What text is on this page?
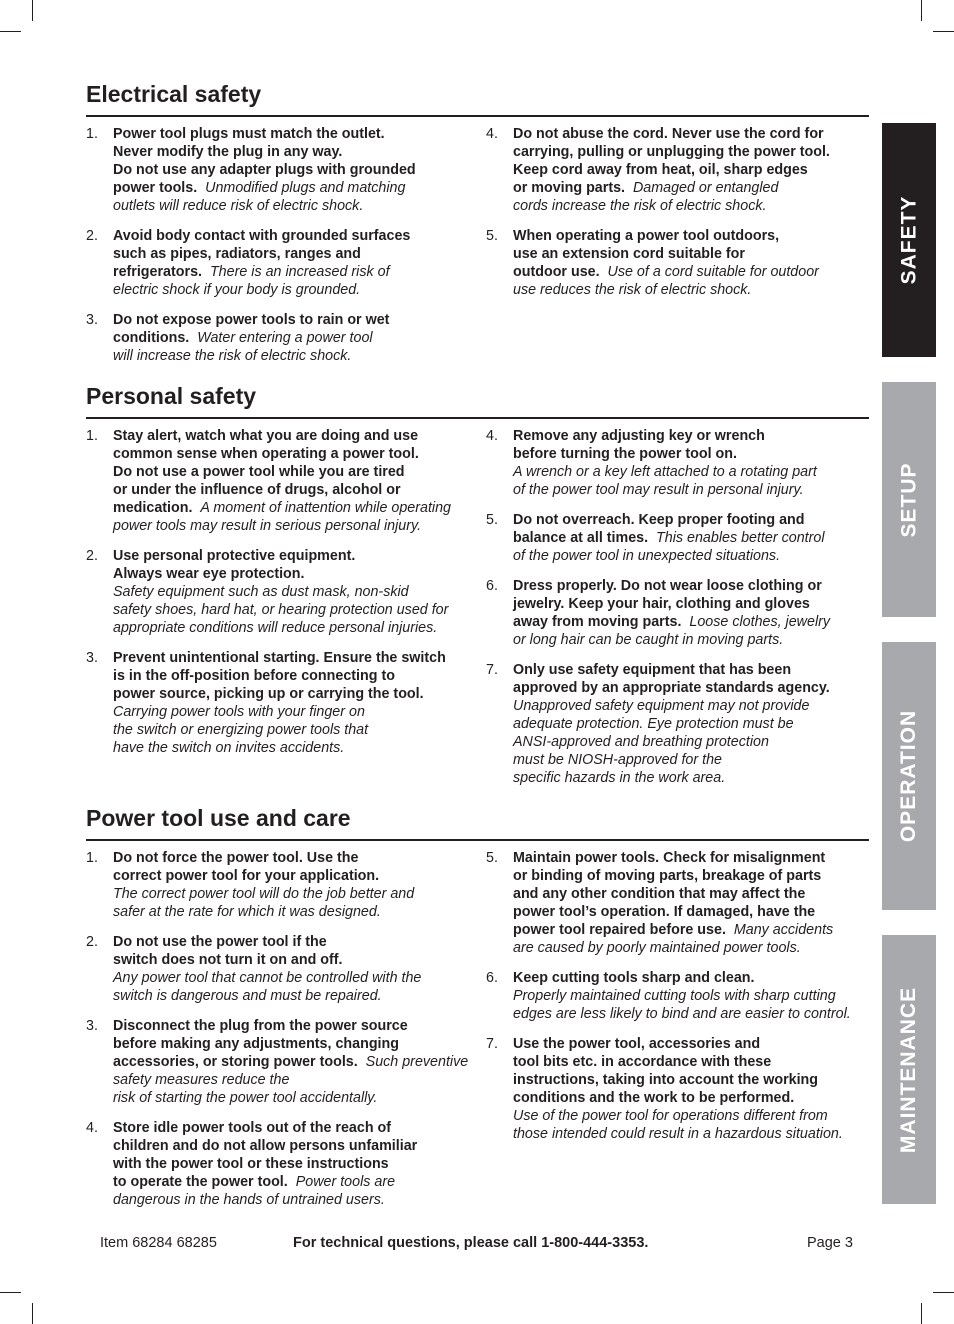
Electrical safety
1. Power tool plugs must match the outlet.
Never modify the plug in any way.
Do not use any adapter plugs with grounded
power tools. Unmodified plugs and matching
outlets will reduce risk of electric shock.
2. Avoid body contact with grounded surfaces
such as pipes, radiators, ranges and
refrigerators. There is an increased risk of
electric shock if your body is grounded.
3. Do not expose power tools to rain or wet
conditions. Water entering a power tool
will increase the risk of electric shock.
4. Do not abuse the cord. Never use the cord for
carrying, pulling or unplugging the power tool.
Keep cord away from heat, oil, sharp edges
or moving parts. Damaged or entangled
cords increase the risk of electric shock.
5. When operating a power tool outdoors,
use an extension cord suitable for
outdoor use. Use of a cord suitable for outdoor
use reduces the risk of electric shock.
Personal safety
1. Stay alert, watch what you are doing and use
common sense when operating a power tool.
Do not use a power tool while you are tired
or under the influence of drugs, alcohol or
medication. A moment of inattention while operating
power tools may result in serious personal injury.
2. Use personal protective equipment.
Always wear eye protection.
Safety equipment such as dust mask, non-skid
safety shoes, hard hat, or hearing protection used for
appropriate conditions will reduce personal injuries.
3. Prevent unintentional starting. Ensure the switch
is in the off-position before connecting to
power source, picking up or carrying the tool.
Carrying power tools with your finger on
the switch or energizing power tools that
have the switch on invites accidents.
4. Remove any adjusting key or wrench
before turning the power tool on.
A wrench or a key left attached to a rotating part
of the power tool may result in personal injury.
5. Do not overreach. Keep proper footing and
balance at all times. This enables better control
of the power tool in unexpected situations.
6. Dress properly. Do not wear loose clothing or
jewelry. Keep your hair, clothing and gloves
away from moving parts. Loose clothes, jewelry
or long hair can be caught in moving parts.
7. Only use safety equipment that has been
approved by an appropriate standards agency.
Unapproved safety equipment may not provide
adequate protection. Eye protection must be
ANSI-approved and breathing protection
must be NIOSH-approved for the
specific hazards in the work area.
Power tool use and care
1. Do not force the power tool. Use the
correct power tool for your application.
The correct power tool will do the job better and
safer at the rate for which it was designed.
2. Do not use the power tool if the
switch does not turn it on and off.
Any power tool that cannot be controlled with the
switch is dangerous and must be repaired.
3. Disconnect the plug from the power source
before making any adjustments, changing
accessories, or storing power tools. Such preventive safety measures reduce the
risk of starting the power tool accidentally.
4. Store idle power tools out of the reach of
children and do not allow persons unfamiliar
with the power tool or these instructions
to operate the power tool. Power tools are
dangerous in the hands of untrained users.
5. Maintain power tools. Check for misalignment
or binding of moving parts, breakage of parts
and any other condition that may affect the
power tool’s operation. If damaged, have the
power tool repaired before use. Many accidents
are caused by poorly maintained power tools.
6. Keep cutting tools sharp and clean.
Properly maintained cutting tools with sharp cutting
edges are less likely to bind and are easier to control.
7. Use the power tool, accessories and
tool bits etc. in accordance with these
instructions, taking into account the working
conditions and the work to be performed.
Use of the power tool for operations different from
those intended could result in a hazardous situation.
SAFETY
SETUP
OPERATION
MAINTENANCE
Item 68284 68285	For technical questions, please call 1-800-444-3353.	Page 3
